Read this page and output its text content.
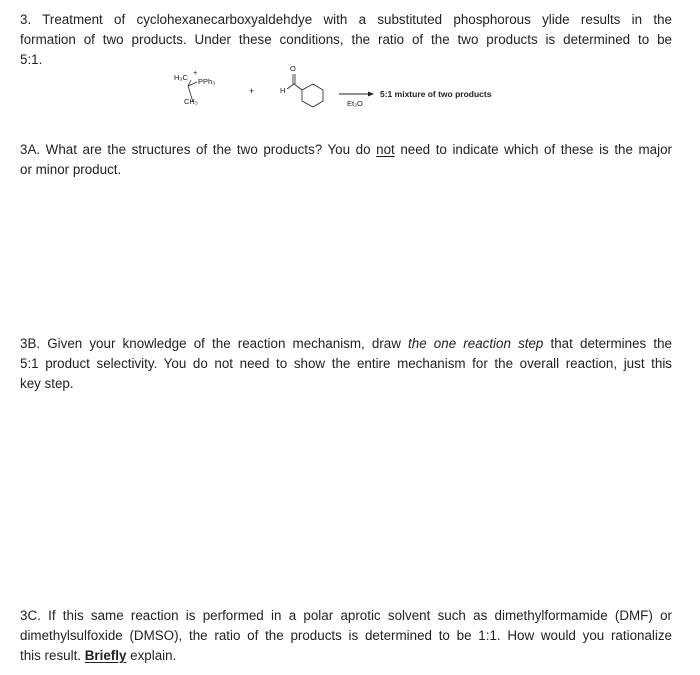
3. Treatment of cyclohexanecarboxyaldehdye with a substituted phosphorous ylide results in the
formation of two products. Under these conditions, the ratio of the two products is determined to be
5:1.
H₃C
+
PPh₃
CH₃
+
O
H
Et₂O
5:1 mixture of two products
3A. What are the structures of the two products? You do not need to indicate which of these is the major
or minor product.
3B. Given your knowledge of the reaction mechanism, draw the one reaction step that determines the
5:1 product selectivity. You do not need to show the entire mechanism for the overall reaction, just this
key step.
3C. If this same reaction is performed in a polar aprotic solvent such as dimethylformamide (DMF) or
dimethylsulfoxide (DMSO), the ratio of the products is determined to be 1:1. How would you rationalize
this result. Briefly explain.
